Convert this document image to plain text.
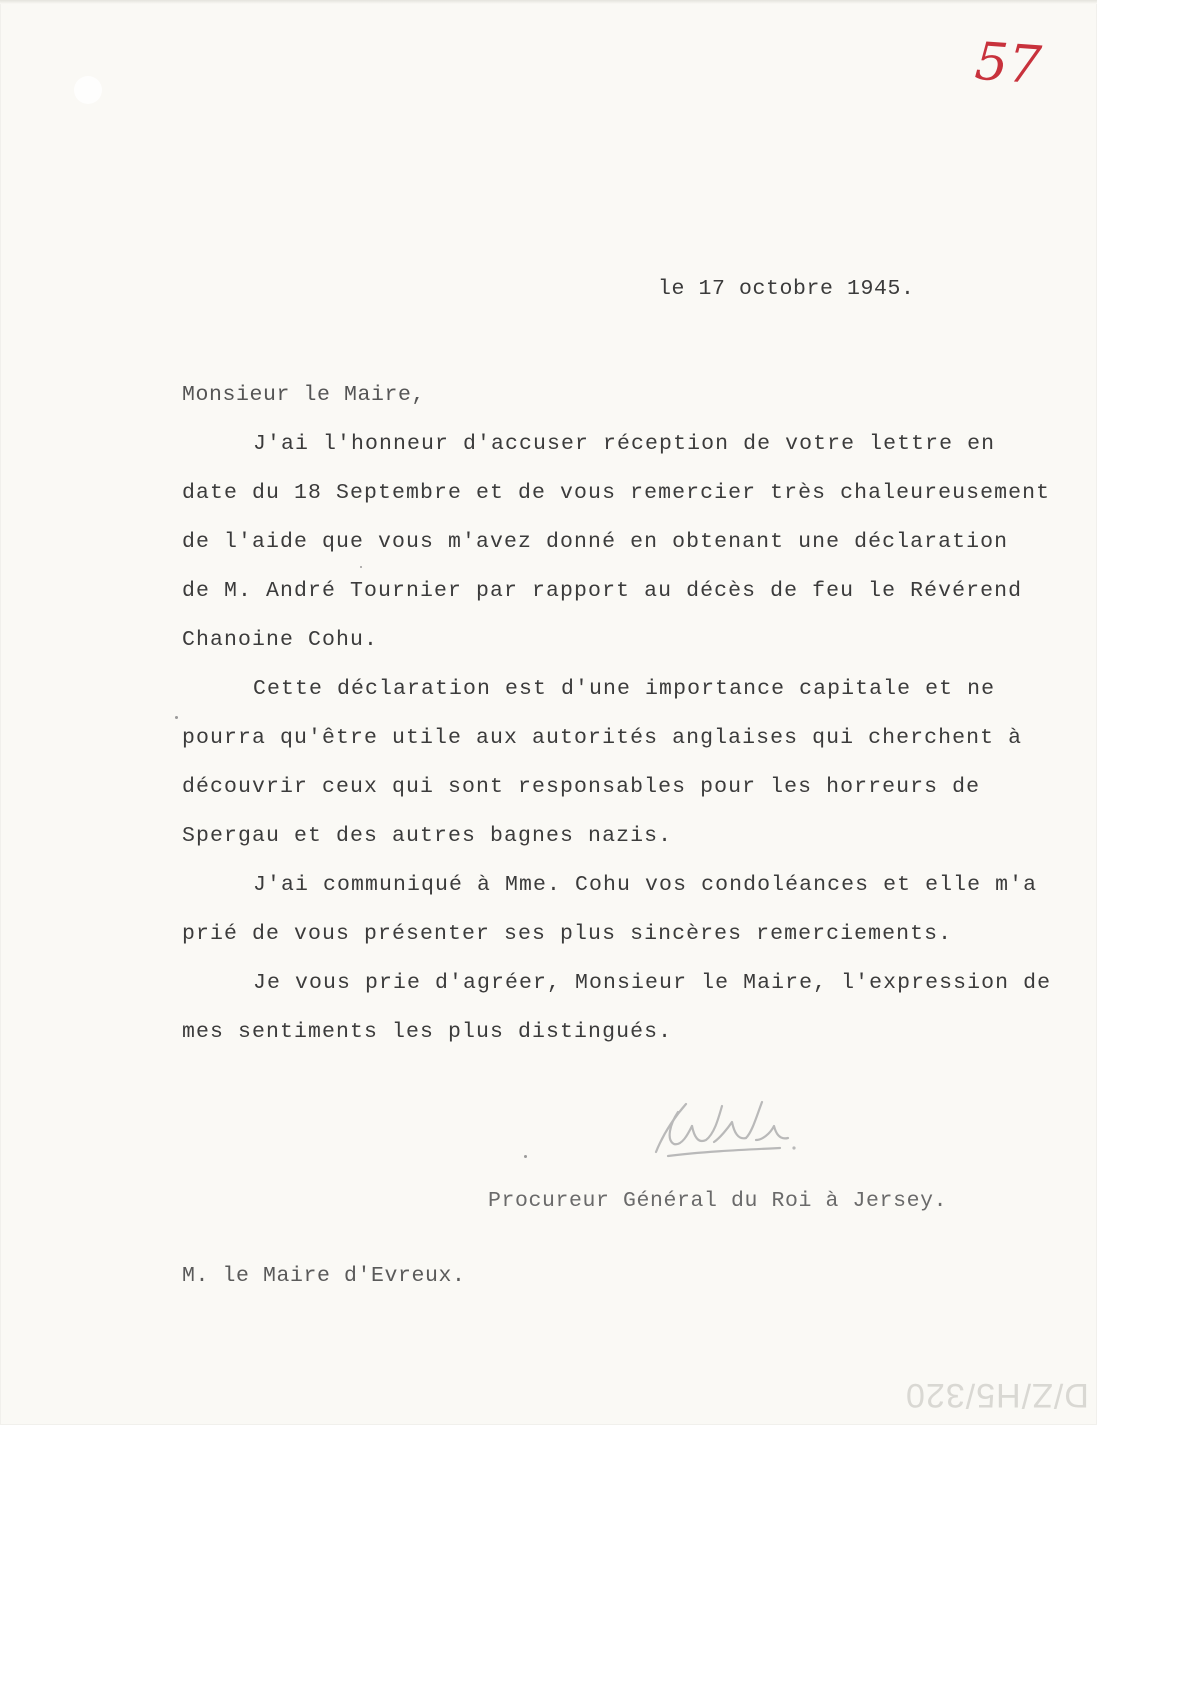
57

le 17 octobre 1945.

Monsieur le Maire,

J'ai l'honneur d'accuser réception de votre lettre en

date du 18 Septembre et de vous remercier très chaleureusement

de l'aide que vous m'avez donné en obtenant une déclaration

de M. André Tournier par rapport au décès de feu le Révérend

Chanoine Cohu.

Cette déclaration est d'une importance capitale et ne

pourra qu'être utile aux autorités anglaises qui cherchent à

découvrir ceux qui sont responsables pour les horreurs de

Spergau et des autres bagnes nazis.

J'ai communiqué à Mme. Cohu vos condoléances et elle m'a

prié de vous présenter ses plus sincères remerciements.

Je vous prie d'agréer, Monsieur le Maire, l'expression de

mes sentiments les plus distingués.

Procureur Général du Roi à Jersey.

M. le Maire d'Evreux.

D/Z/H5/320
